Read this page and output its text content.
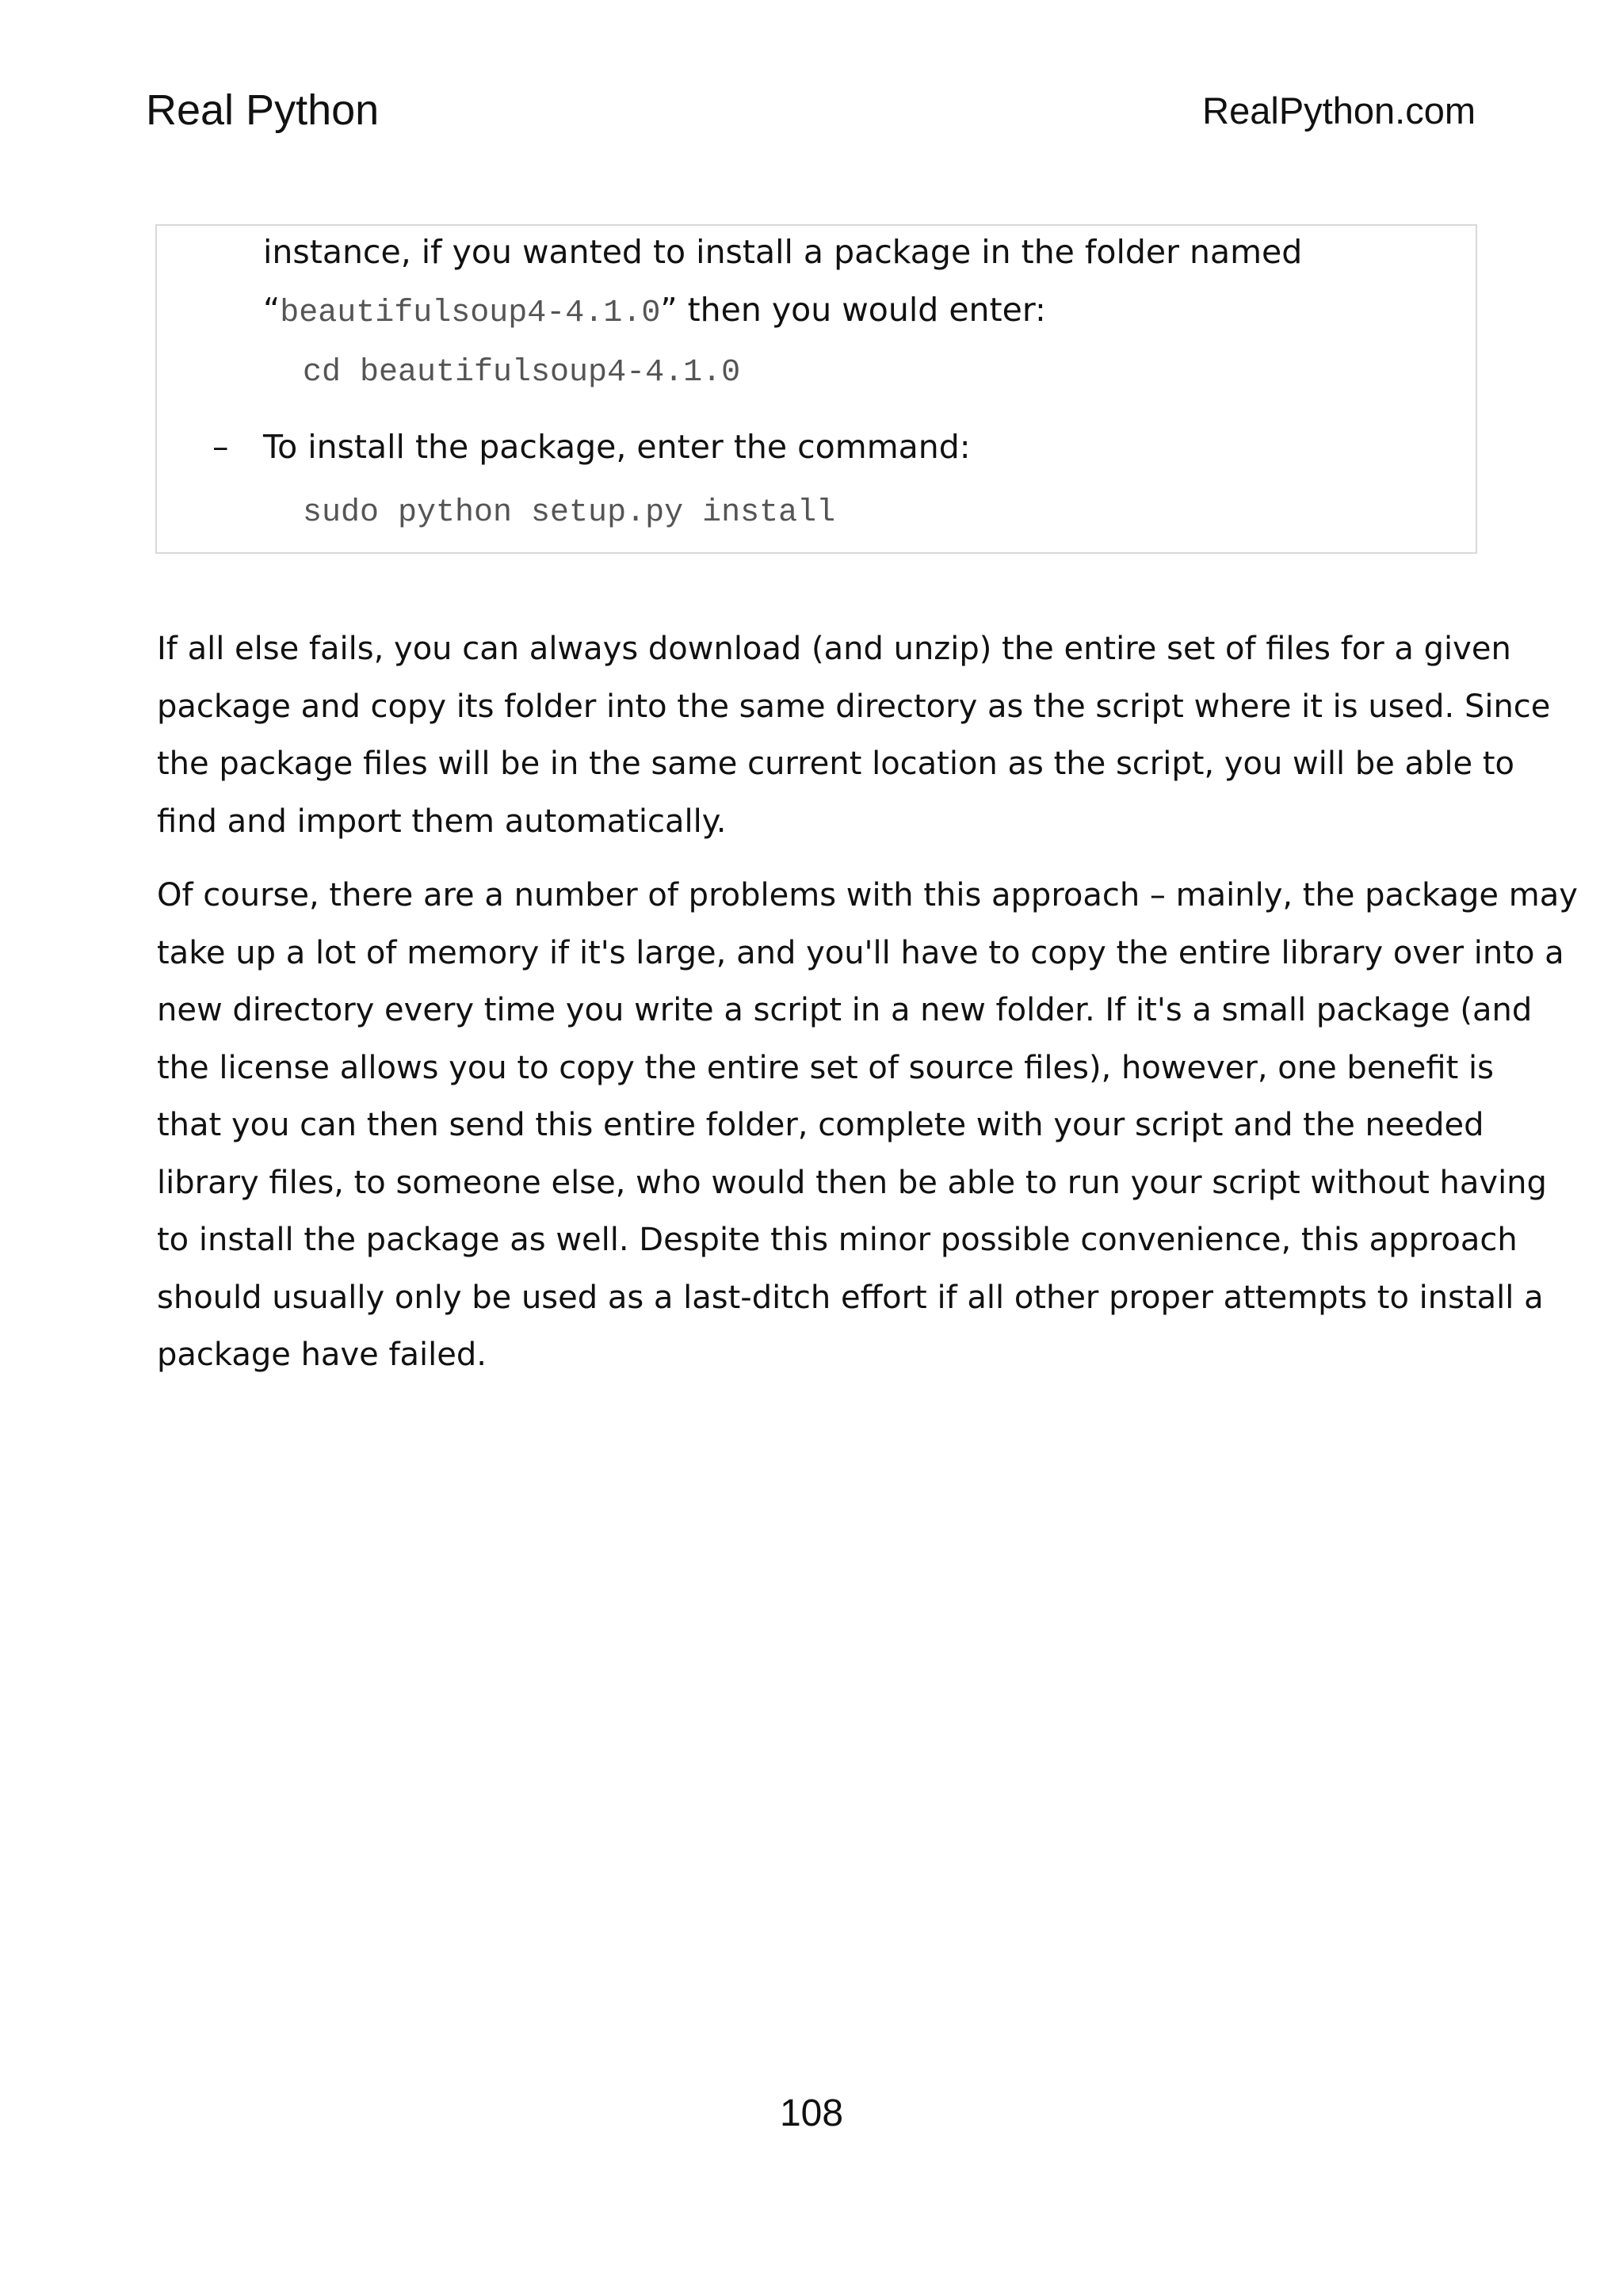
Real Python	RealPython.com
instance, if you wanted to install a package in the folder named
“beautifulsoup4-4.1.0” then you would enter:
cd beautifulsoup4-4.1.0
– To install the package, enter the command:
sudo python setup.py install
If all else fails, you can always download (and unzip) the entire set of files for a given
package and copy its folder into the same directory as the script where it is used. Since
the package files will be in the same current location as the script, you will be able to
find and import them automatically.
Of course, there are a number of problems with this approach – mainly, the package may
take up a lot of memory if it's large, and you'll have to copy the entire library over into a
new directory every time you write a script in a new folder. If it's a small package (and
the license allows you to copy the entire set of source files), however, one benefit is
that you can then send this entire folder, complete with your script and the needed
library files, to someone else, who would then be able to run your script without having
to install the package as well. Despite this minor possible convenience, this approach
should usually only be used as a last-ditch effort if all other proper attempts to install a
package have failed.
108
